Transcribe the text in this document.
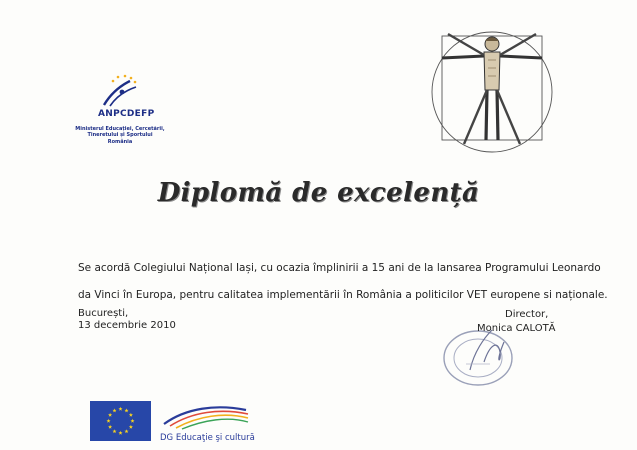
ANPCDEFP
Ministerul Educației, Cercetării,
Tineretului și Sportului
România
Diplomă de excelență
Se acordă Colegiului Național Iași, cu ocazia împlinirii a 15 ani de la lansarea Programului Leonardo
da Vinci în Europa, pentru calitatea implementării în România a politicilor VET europene si naționale.
București,
13 decembrie 2010
Director,
Monica CALOTĂ
DG Educaţie şi cultură
